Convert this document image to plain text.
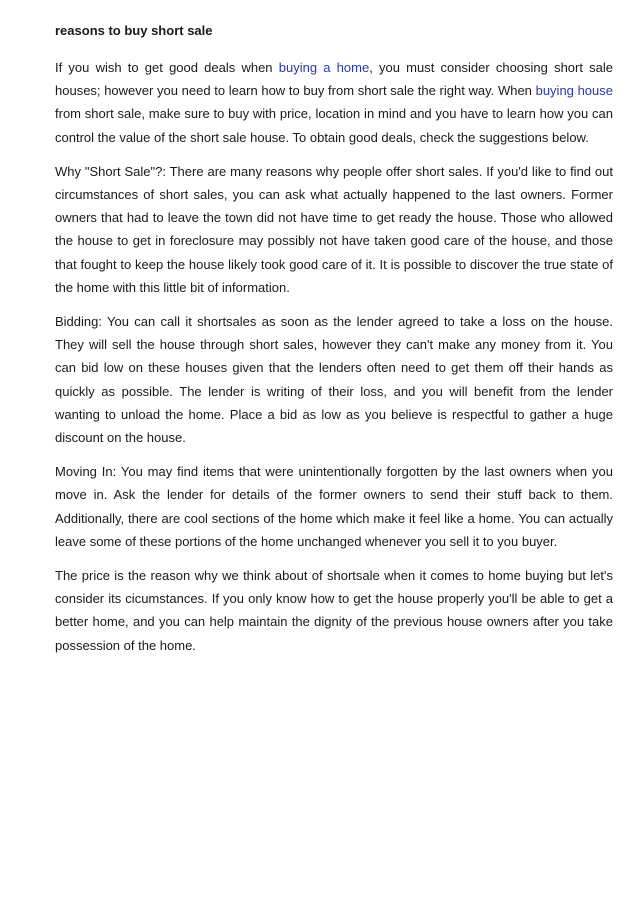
reasons to buy short sale

If you wish to get good deals when buying a home, you must consider choosing short sale houses; however you need to learn how to buy from short sale the right way. When buying house from short sale, make sure to buy with price, location in mind and you have to learn how you can control the value of the short sale house. To obtain good deals, check the suggestions below.

Why "Short Sale"?: There are many reasons why people offer short sales. If you'd like to find out circumstances of short sales, you can ask what actually happened to the last owners. Former owners that had to leave the town did not have time to get ready the house. Those who allowed the house to get in foreclosure may possibly not have taken good care of the house, and those that fought to keep the house likely took good care of it. It is possible to discover the true state of the home with this little bit of information.

Bidding: You can call it shortsales as soon as the lender agreed to take a loss on the house. They will sell the house through short sales, however they can't make any money from it. You can bid low on these houses given that the lenders often need to get them off their hands as quickly as possible. The lender is writing of their loss, and you will benefit from the lender wanting to unload the home. Place a bid as low as you believe is respectful to gather a huge discount on the house.

Moving In: You may find items that were unintentionally forgotten by the last owners when you move in. Ask the lender for details of the former owners to send their stuff back to them. Additionally, there are cool sections of the home which make it feel like a home. You can actually leave some of these portions of the home unchanged whenever you sell it to you buyer.

The price is the reason why we think about of shortsale when it comes to home buying but let's consider its cicumstances. If you only know how to get the house properly you'll be able to get a better home, and you can help maintain the dignity of the previous house owners after you take possession of the home.
